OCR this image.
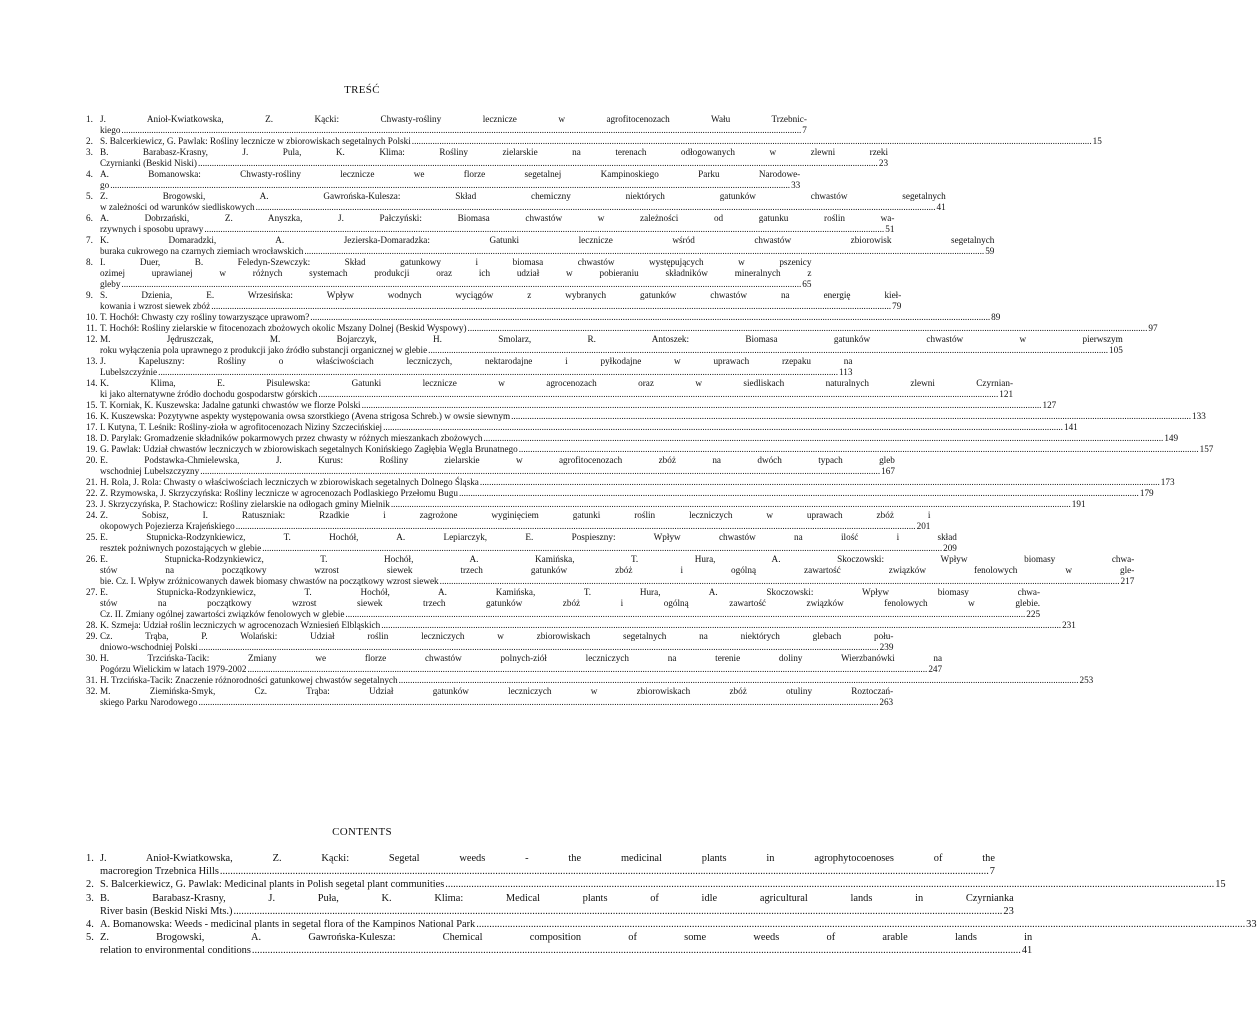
TREŚĆ
1. J. Anioł-Kwiatkowska, Z. Kącki: Chwasty-rośliny lecznicze w agrofitocenozach Wału Trzebnic-
kiego .....	7
2. S. Balcerkiewicz, G. Pawlak: Rośliny lecznicze w zbiorowiskach segetalnych Polski .....	15
3. B. Barabasz-Krasny, J. Pula, K. Klima: Rośliny zielarskie na terenach odłogowanych w zlewni rzeki
Czyrnianki (Beskid Niski) .....	23
4. A. Bomanowska: Chwasty-rośliny lecznicze we florze segetalnej Kampinoskiego Parku Narodowe-
go .....	33
5. Z. Brogowski, A. Gawrońska-Kulesza: Skład chemiczny niektórych gatunków chwastów segetalnych
w zależności od warunków siedliskowych .....	41
6. A. Dobrzański, Z. Anyszka, J. Pałczyński: Biomasa chwastów w zależności od gatunku roślin wa-
rzywnych i sposobu uprawy .....	51
7. K. Domaradzki, A. Jezierska-Domaradzka: Gatunki lecznicze wśród chwastów zbiorowisk segetalnych
buraka cukrowego na czarnych ziemiach wrocławskich .....	59
8. I. Duer, B. Feledyn-Szewczyk: Skład gatunkowy i biomasa chwastów występujących w pszenicy
ozimej uprawianej w różnych systemach produkcji oraz ich udział w pobieraniu składników mineralnych z
gleby .....	65
9. S. Dzienia, E. Wrzesińska: Wpływ wodnych wyciągów z wybranych gatunków chwastów na energię kieł-
kowania i wzrost siewek zbóż .....	79
10. T. Hochół: Chwasty czy rośliny towarzyszące uprawom? .....	89
11. T. Hochół: Rośliny zielarskie w fitocenozach zbożowych okolic Mszany Dolnej (Beskid Wyspowy) .....	97
12. M. Jędruszczak, M. Bojarczyk, H. Smolarz, R. Antoszek: Biomasa gatunków chwastów w pierwszym
roku wyłączenia pola uprawnego z produkcji jako źródło substancji organicznej w glebie .....	105
13. J. Kapeluszny: Rośliny o właściwościach leczniczych, nektarodajne i pyłkodajne w uprawach rzepaku na
Lubelszczyźnie .....	113
14. K. Klima, E. Pisulewska: Gatunki lecznicze w agrocenozach oraz w siedliskach naturalnych zlewni Czyrnian-
ki jako alternatywne źródło dochodu gospodarstw górskich .....	121
15. T. Korniak, K. Kuszewska: Jadalne gatunki chwastów we florze Polski .....	127
16. K. Kuszewska: Pozytywne aspekty występowania owsa szorstkiego (Avena strigosa Schreb.) w owsie siewnym .....	133
17. I. Kutyna, T. Leśnik: Rośliny-zioła w agrofitocenozach Niziny Szczecińskiej .....	141
18. D. Parylak: Gromadzenie składników pokarmowych przez chwasty w różnych mieszankach zbożowych .....	149
19. G. Pawlak: Udział chwastów leczniczych w zbiorowiskach segetalnych Konińskiego Zagłębia Węgla Brunatnego .....	157
20. E. Podstawka-Chmielewska, J. Kurus: Rośliny zielarskie w agrofitocenozach zbóż na dwóch typach gleb
wschodniej Lubelszczyzny .....	167
21. H. Rola, J. Rola: Chwasty o właściwościach leczniczych w zbiorowiskach segetalnych Dolnego Śląska .....	173
22. Z. Rzymowska, J. Skrzyczyńska: Rośliny lecznicze w agrocenozach Podlaskiego Przełomu Bugu .....	179
23. J. Skrzyczyńska, P. Stachowicz: Rośliny zielarskie na odłogach gminy Mielnik .....	191
24. Z. Sobisz, I. Ratuszniak: Rzadkie i zagrożone wyginięciem gatunki roślin leczniczych w uprawach zbóż i
okopowych Pojezierza Krajeńskiego .....	201
25. E. Stupnicka-Rodzynkiewicz, T. Hochół, A. Lepiarczyk, E. Pospieszny: Wpływ chwastów na ilość i skład
resztek pożniwnych pozostających w glebie .....	209
26. E. Stupnicka-Rodzynkiewicz, T. Hochół, A. Kamińska, T. Hura, A. Skoczowski: Wpływ biomasy chwa-
stów na początkowy wzrost siewek trzech gatunków zbóż i ogólną zawartość związków fenolowych w gle-
bie. Cz. I. Wpływ zróżnicowanych dawek biomasy chwastów na początkowy wzrost siewek .....	217
27. E. Stupnicka-Rodzynkiewicz, T. Hochół, A. Kamińska, T. Hura, A. Skoczowski: Wpływ biomasy chwa-
stów na początkowy wzrost siewek trzech gatunków zbóż i ogólną zawartość związków fenolowych w glebie.
Cz. II. Zmiany ogólnej zawartości związków fenolowych w glebie .....	225
28. K. Szmeja: Udział roślin leczniczych w agrocenozach Wzniesień Elbląskich .....	231
29. Cz. Trąba, P. Wolański: Udział roślin leczniczych w zbiorowiskach segetalnych na niektórych glebach połu-
dniowo-wschodniej Polski .....	239
30. H. Trzcińska-Tacik: Zmiany we florze chwastów polnych-ziół leczniczych na terenie doliny Wierzbanówki na
Pogórzu Wielickim w latach 1979-2002 .....	247
31. H. Trzcińska-Tacik: Znaczenie różnorodności gatunkowej chwastów segetalnych .....	253
32. M. Ziemińska-Smyk, Cz. Trąba: Udział gatunków leczniczych w zbiorowiskach zbóż otuliny Roztoczań-
skiego Parku Narodowego .....	263
CONTENTS
1. J. Anioł-Kwiatkowska, Z. Kącki: Segetal weeds - the medicinal plants in agrophytocoenoses of the
macroregion Trzebnica Hills .....	7
2. S. Balcerkiewicz, G. Pawlak: Medicinal plants in Polish segetal plant communities .....	15
3. B. Barabasz-Krasny, J. Puła, K. Klima: Medical plants of idle agricultural lands in Czyrnianka
River basin (Beskid Niski Mts.) .....	23
4. A. Bomanowska: Weeds - medicinal plants in segetal flora of the Kampinos National Park .....	33
5. Z. Brogowski, A. Gawrońska-Kulesza: Chemical composition of some weeds of arable lands in
relation to environmental conditions .....	41
